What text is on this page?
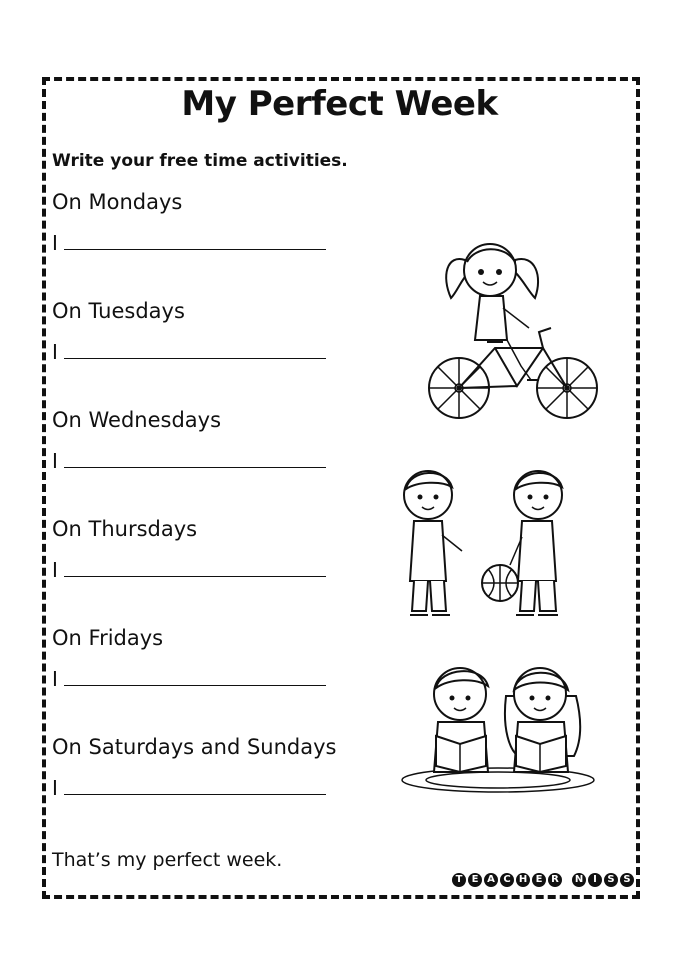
My Perfect Week
Write your free time activities.
On Mondays
I
On Tuesdays
I
On Wednesdays
I
On Thursdays
I
On Fridays
I
On Saturdays and Sundays
I
That’s my perfect week.
T E A C H E R	N I	S S
